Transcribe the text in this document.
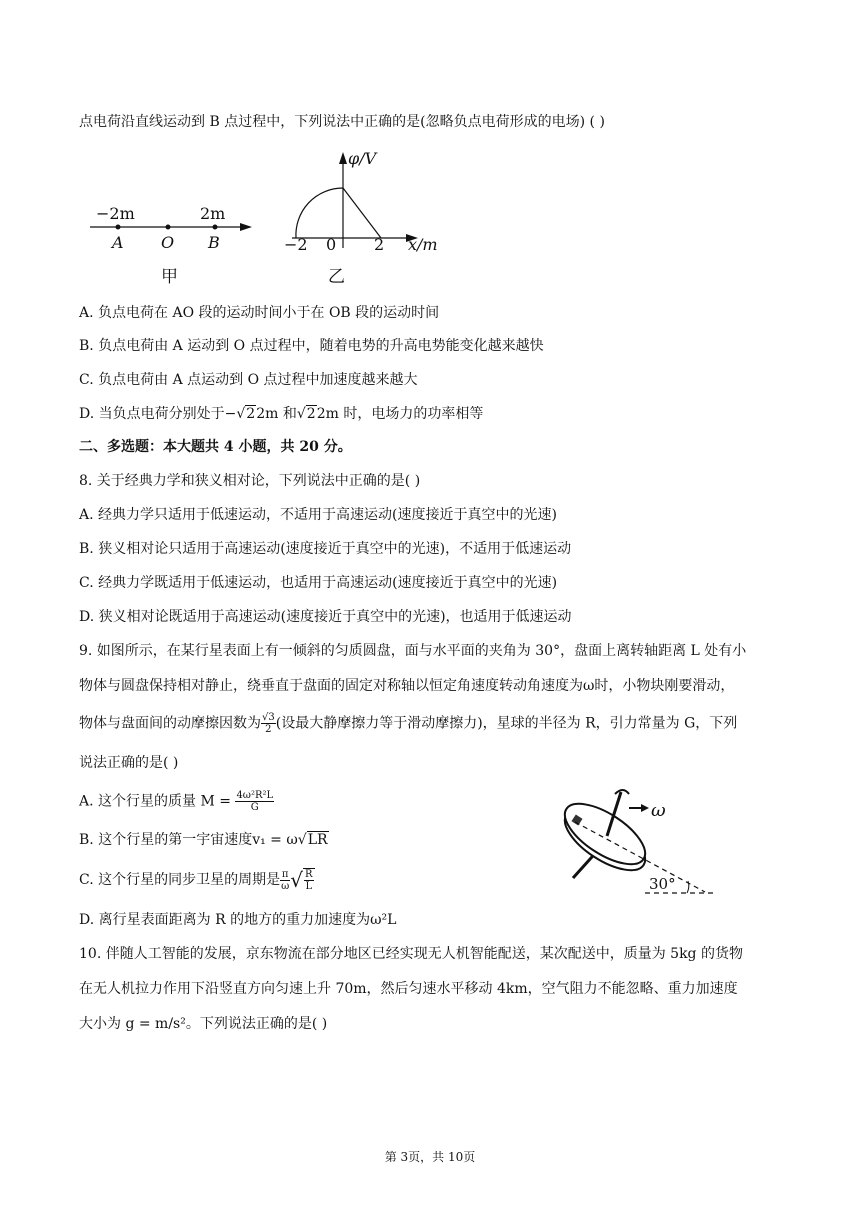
点电荷沿直线运动到 B 点过程中，下列说法中正确的是(忽略负点电荷形成的电场) ( )
−2m	2m
A O B
甲
φ/V
x/m
−2 0 2
乙
A. 负点电荷在 AO 段的运动时间小于在 OB 段的运动时间
B. 负点电荷由 A 运动到 O 点过程中，随着电势的升高电势能变化越来越快
C. 负点电荷由 A 点运动到 O 点过程中加速度越来越大
D. 当负点电荷分别处于−√22m 和√22m 时，电场力的功率相等
二、多选题：本大题共 4 小题，共 20 分。
8. 关于经典力学和狭义相对论，下列说法中正确的是( )
A. 经典力学只适用于低速运动，不适用于高速运动(速度接近于真空中的光速)
B. 狭义相对论只适用于高速运动(速度接近于真空中的光速)，不适用于低速运动
C. 经典力学既适用于低速运动，也适用于高速运动(速度接近于真空中的光速)
D. 狭义相对论既适用于高速运动(速度接近于真空中的光速)，也适用于低速运动
9. 如图所示，在某行星表面上有一倾斜的匀质圆盘，面与水平面的夹角为 30°，盘面上离转轴距离 L 处有小
物体与圆盘保持相对静止，绕垂直于盘面的固定对称轴以恒定角速度转动角速度为ω时，小物块刚要滑动，
物体与盘面间的动摩擦因数为 $\frac{√3}{2}$ (设最大静摩擦力等于滑动摩擦力)，星球的半径为 R，引力常量为 G，下列
说法正确的是( )
A. 这个行星的质量 $M = \frac{\text{4ω²R²L}}{G}$
B. 这个行星的第一宇宙速度v₁ = ω√LR
C. 这个行星的同步卫星的周期是 $\frac{\pi}{\omega}$ √ $\frac{R}{L}$
D. 离行星表面距离为 R 的地方的重力加速度为ω²L
ω
30°
10. 伴随人工智能的发展，京东物流在部分地区已经实现无人机智能配送，某次配送中，质量为 5kg 的货物
在无人机拉力作用下沿竖直方向匀速上升 70m，然后匀速水平移动 4km，空气阻力不能忽略、重力加速度
大小为 g = m/s²。下列说法正确的是( )
第 3页，共 10页
